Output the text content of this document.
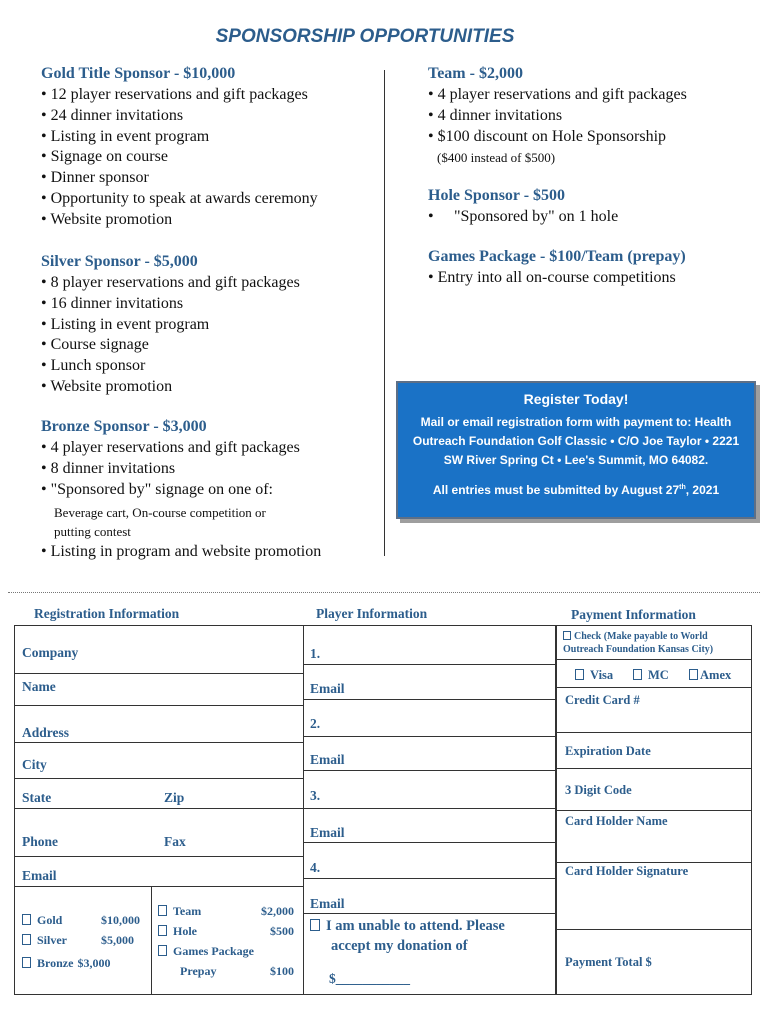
SPONSORSHIP OPPORTUNITIES
Gold Title Sponsor - $10,000
• 12 player reservations and gift packages
• 24 dinner invitations
• Listing in event program
• Signage on course
• Dinner sponsor
• Opportunity to speak at awards ceremony
• Website promotion
Silver Sponsor - $5,000
• 8 player reservations and gift packages
• 16 dinner invitations
• Listing in event program
• Course signage
• Lunch sponsor
• Website promotion
Bronze Sponsor - $3,000
• 4 player reservations and gift packages
• 8 dinner invitations
• "Sponsored by" signage on one of:
Beverage cart, On-course competition or
putting contest
• Listing in program and website promotion
Team - $2,000
• 4 player reservations and gift packages
• 4 dinner invitations
• $100 discount on Hole Sponsorship
($400 instead of $500)
Hole Sponsor - $500
• "Sponsored by" on 1 hole
Games Package - $100/Team (prepay)
• Entry into all on-course competitions
Register Today!
Mail or email registration form with payment to: Health Outreach Foundation Golf Classic • C/O Joe Taylor • 2221 SW River Spring Ct • Lee's Summit, MO 64082.
All entries must be submitted by August 27th, 2021
Registration Information	Player Information	Payment Information
Company
Name
Address
City
State	Zip
Phone	Fax
Email
Gold	$10,000
Silver	$5,000
Bronze $3,000
Team	$2,000
Hole	$500
Games Package
Prepay	$100
1.
Email
2.
Email
3.
Email
4.
Email
I am unable to attend. Please
accept my donation of
$___________
Check (Make payable to World
Outreach Foundation Kansas City)
Visa	MC	Amex
Credit Card #
Expiration Date
3 Digit Code
Card Holder Name
Card Holder Signature
Payment Total $
